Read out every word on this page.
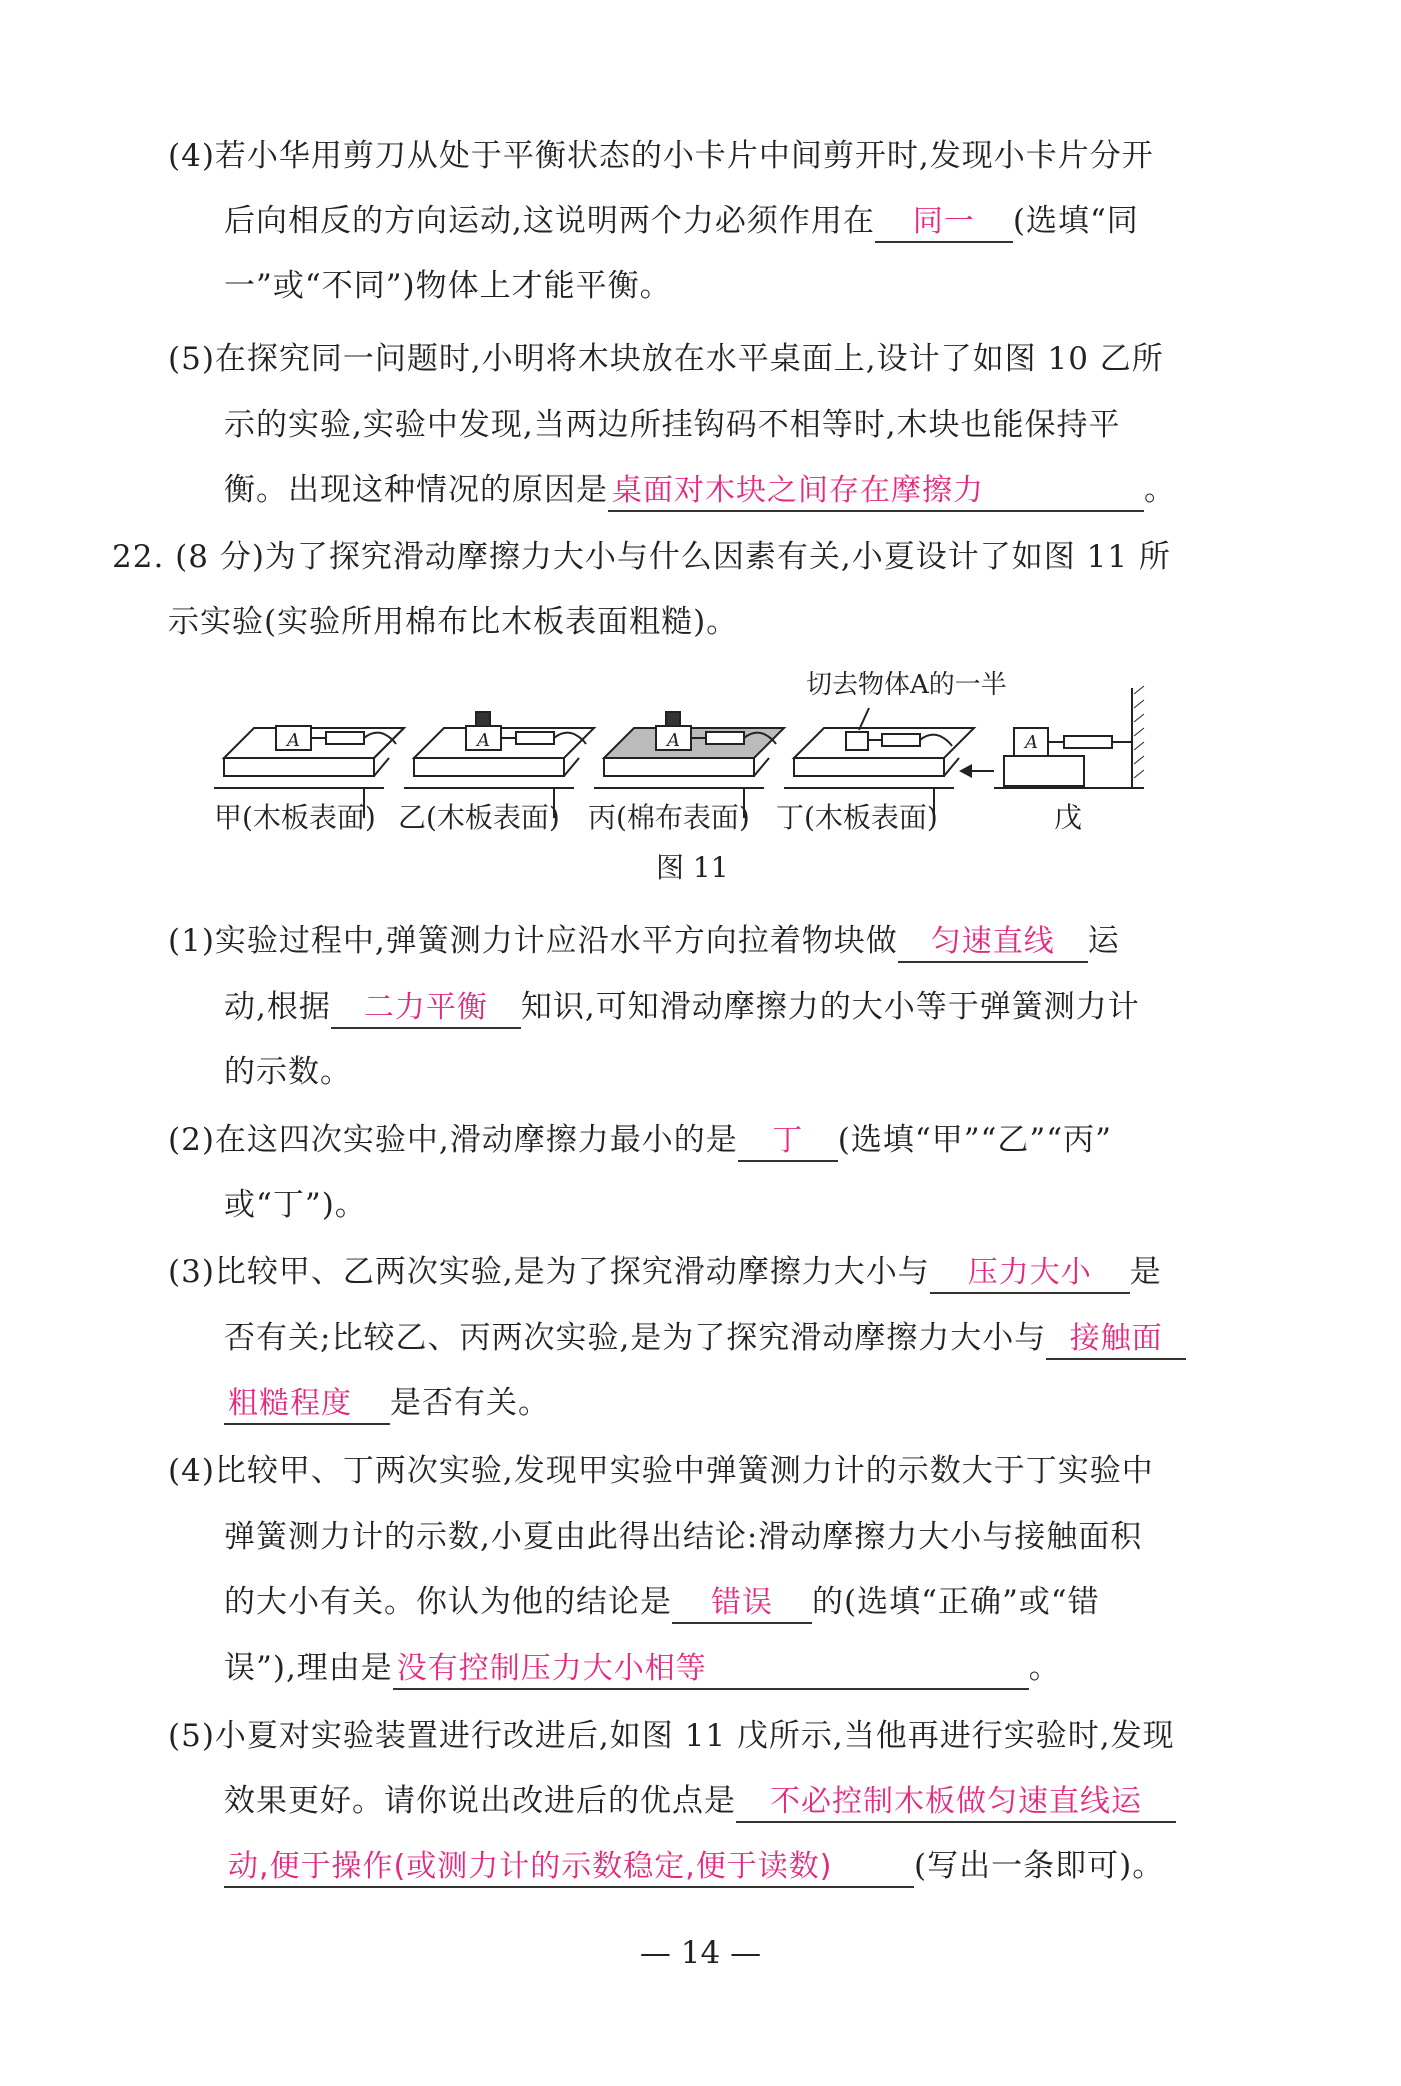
(4)若小华用剪刀从处于平衡状态的小卡片中间剪开时,发现小卡片分开
后向相反的方向运动,这说明两个力必须作用在 同一 (选填“同
一”或“不同”)物体上才能平衡。
(5)在探究同一问题时,小明将木块放在水平桌面上,设计了如图 10 乙所
示的实验,实验中发现,当两边所挂钩码不相等时,木块也能保持平
衡。出现这种情况的原因是 桌面对木块之间存在摩擦力	。
22. (8 分)为了探究滑动摩擦力大小与什么因素有关,小夏设计了如图 11 所
示实验(实验所用棉布比木板表面粗糙)。
A	A	A	A
切去物体A的一半
甲(木板表面) 乙(木板表面) 丙(棉布表面) 丁(木板表面)	戊
图 11
(1)实验过程中,弹簧测力计应沿水平方向拉着物块做 匀速直线 运
动,根据 二力平衡 知识,可知滑动摩擦力的大小等于弹簧测力计
的示数。
(2)在这四次实验中,滑动摩擦力最小的是 丁 (选填“甲”“乙”“丙”
或“丁”)。
(3)比较甲、乙两次实验,是为了探究滑动摩擦力大小与 压力大小 是
否有关;比较乙、丙两次实验,是为了探究滑动摩擦力大小与 接触面
粗糙程度 是否有关。
(4)比较甲、丁两次实验,发现甲实验中弹簧测力计的示数大于丁实验中
弹簧测力计的示数,小夏由此得出结论:滑动摩擦力大小与接触面积
的大小有关。你认为他的结论是 错误 的(选填“正确”或“错
误”),理由是 没有控制压力大小相等	。
(5)小夏对实验装置进行改进后,如图 11 戊所示,当他再进行实验时,发现
效果更好。请你说出改进后的优点是 不必控制木板做匀速直线运
动,便于操作(或测力计的示数稳定,便于读数)	(写出一条即可)。
— 14 —
